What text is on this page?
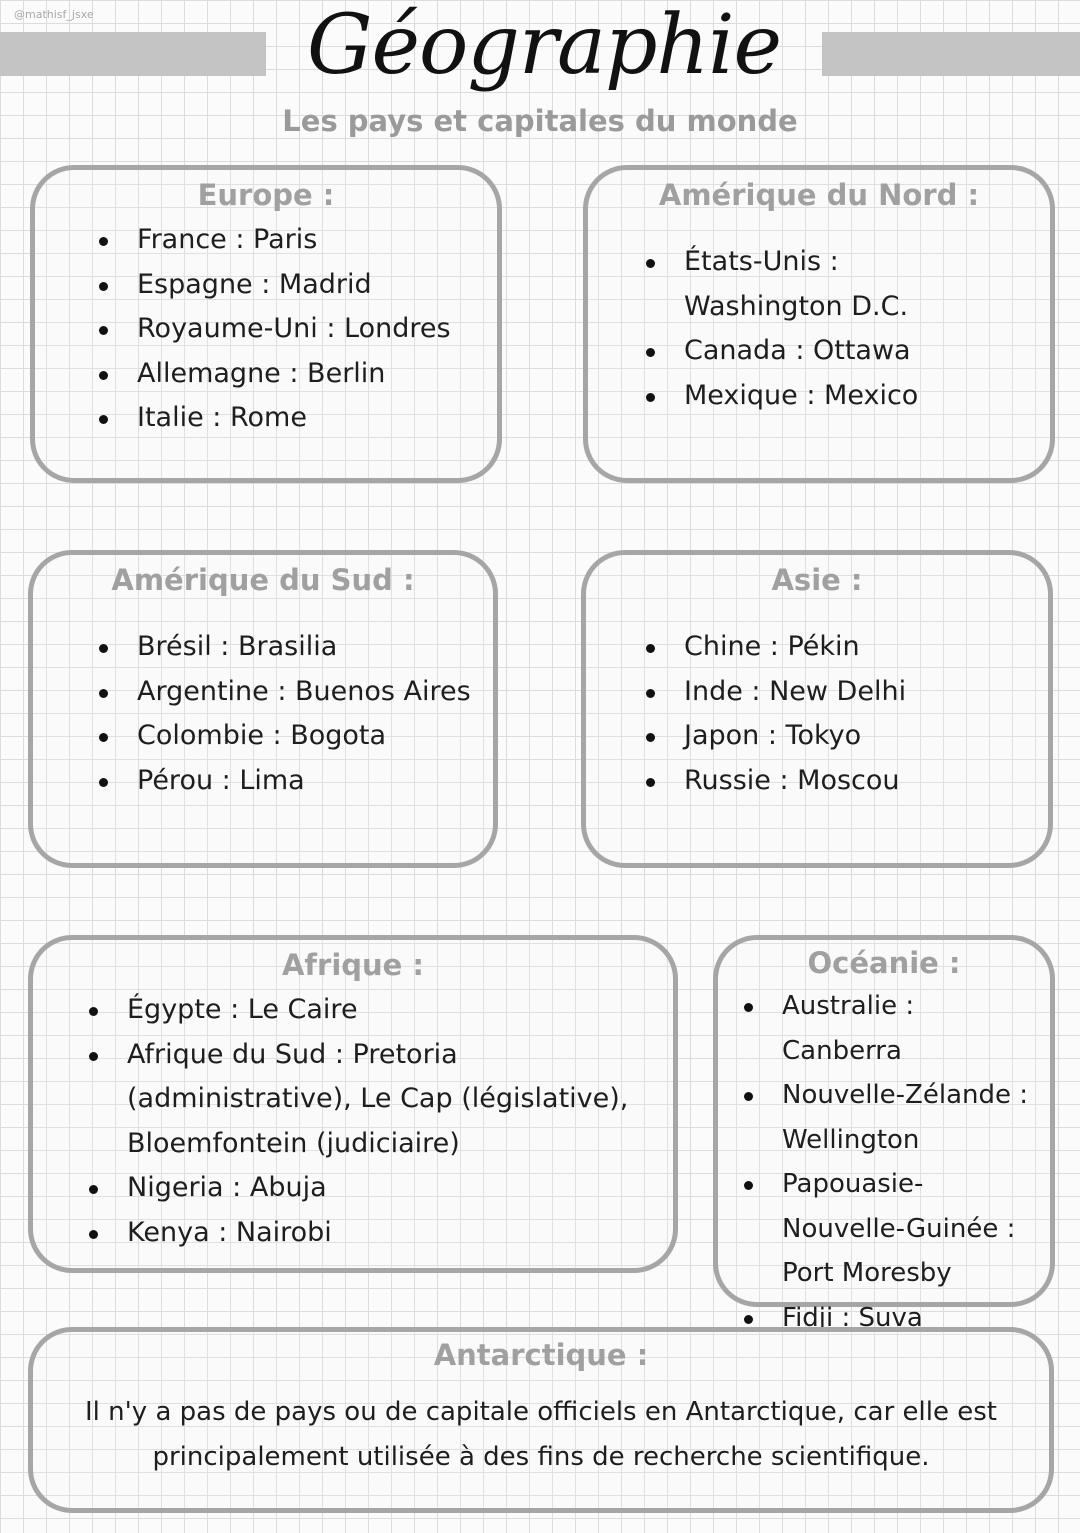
@mathisf_jsxe	Géographie
Les pays et capitales du monde
Europe :
France : Paris
Espagne : Madrid
Royaume-Uni : Londres
Allemagne : Berlin
Italie : Rome
Amérique du Nord :
États-Unis : Washington D.C.
Canada : Ottawa
Mexique : Mexico
Amérique du Sud :
Brésil : Brasilia
Argentine : Buenos Aires
Colombie : Bogota
Pérou : Lima
Asie :
Chine : Pékin
Inde : New Delhi
Japon : Tokyo
Russie : Moscou
Afrique :
Égypte : Le Caire
Afrique du Sud : Pretoria (administrative), Le Cap (législative), Bloemfontein (judiciaire)
Nigeria : Abuja
Kenya : Nairobi
Océanie :
Australie : Canberra
Nouvelle-Zélande : Wellington
Papouasie-Nouvelle-Guinée : Port Moresby
Fidji : Suva
Antarctique :

Il n'y a pas de pays ou de capitale officiels en Antarctique, car elle est principalement utilisée à des fins de recherche scientifique.
